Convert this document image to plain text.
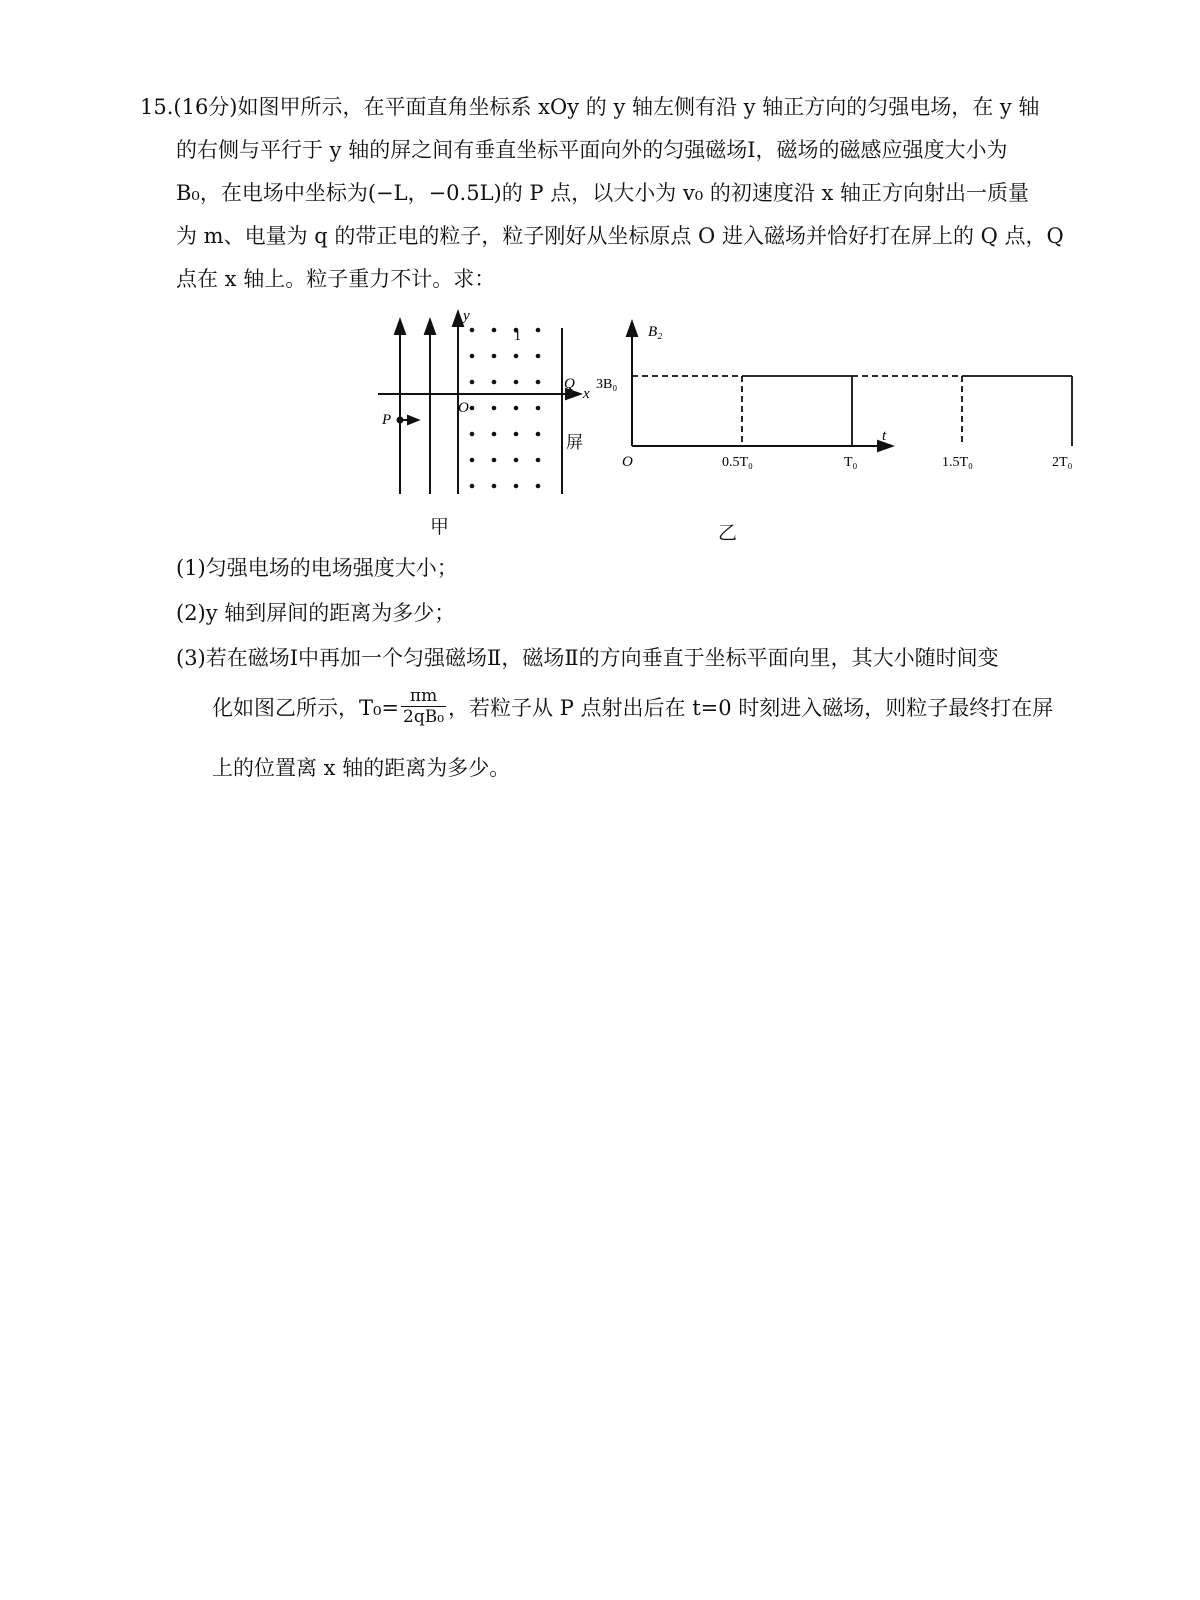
15.(16分)如图甲所示，在平面直角坐标系 xOy 的 y 轴左侧有沿 y 轴正方向的匀强电场，在 y 轴
的右侧与平行于 y 轴的屏之间有垂直坐标平面向外的匀强磁场Ⅰ，磁场的磁感应强度大小为
B₀，在电场中坐标为(−L，−0.5L)的 P 点，以大小为 v₀ 的初速度沿 x 轴正方向射出一质量
为 m、电量为 q 的带正电的粒子，粒子刚好从坐标原点 O 进入磁场并恰好打在屏上的 Q 点，Q
点在 x 轴上。粒子重力不计。求：
y
x
O
Q
P
1
屏
B₂
t
O
3B₀
0.5T₀	T₀	1.5T₀	2T₀
甲	乙
(1)匀强电场的电场强度大小；
(2)y 轴到屏间的距离为多少；
(3)若在磁场Ⅰ中再加一个匀强磁场Ⅱ，磁场Ⅱ的方向垂直于坐标平面向里，其大小随时间变
化如图乙所示，$T_0= \frac{\pi m}{\text{2qB₀}}$ ，若粒子从 P 点射出后在 t=0 时刻进入磁场，则粒子最终打在屏
上的位置离 x 轴的距离为多少。
